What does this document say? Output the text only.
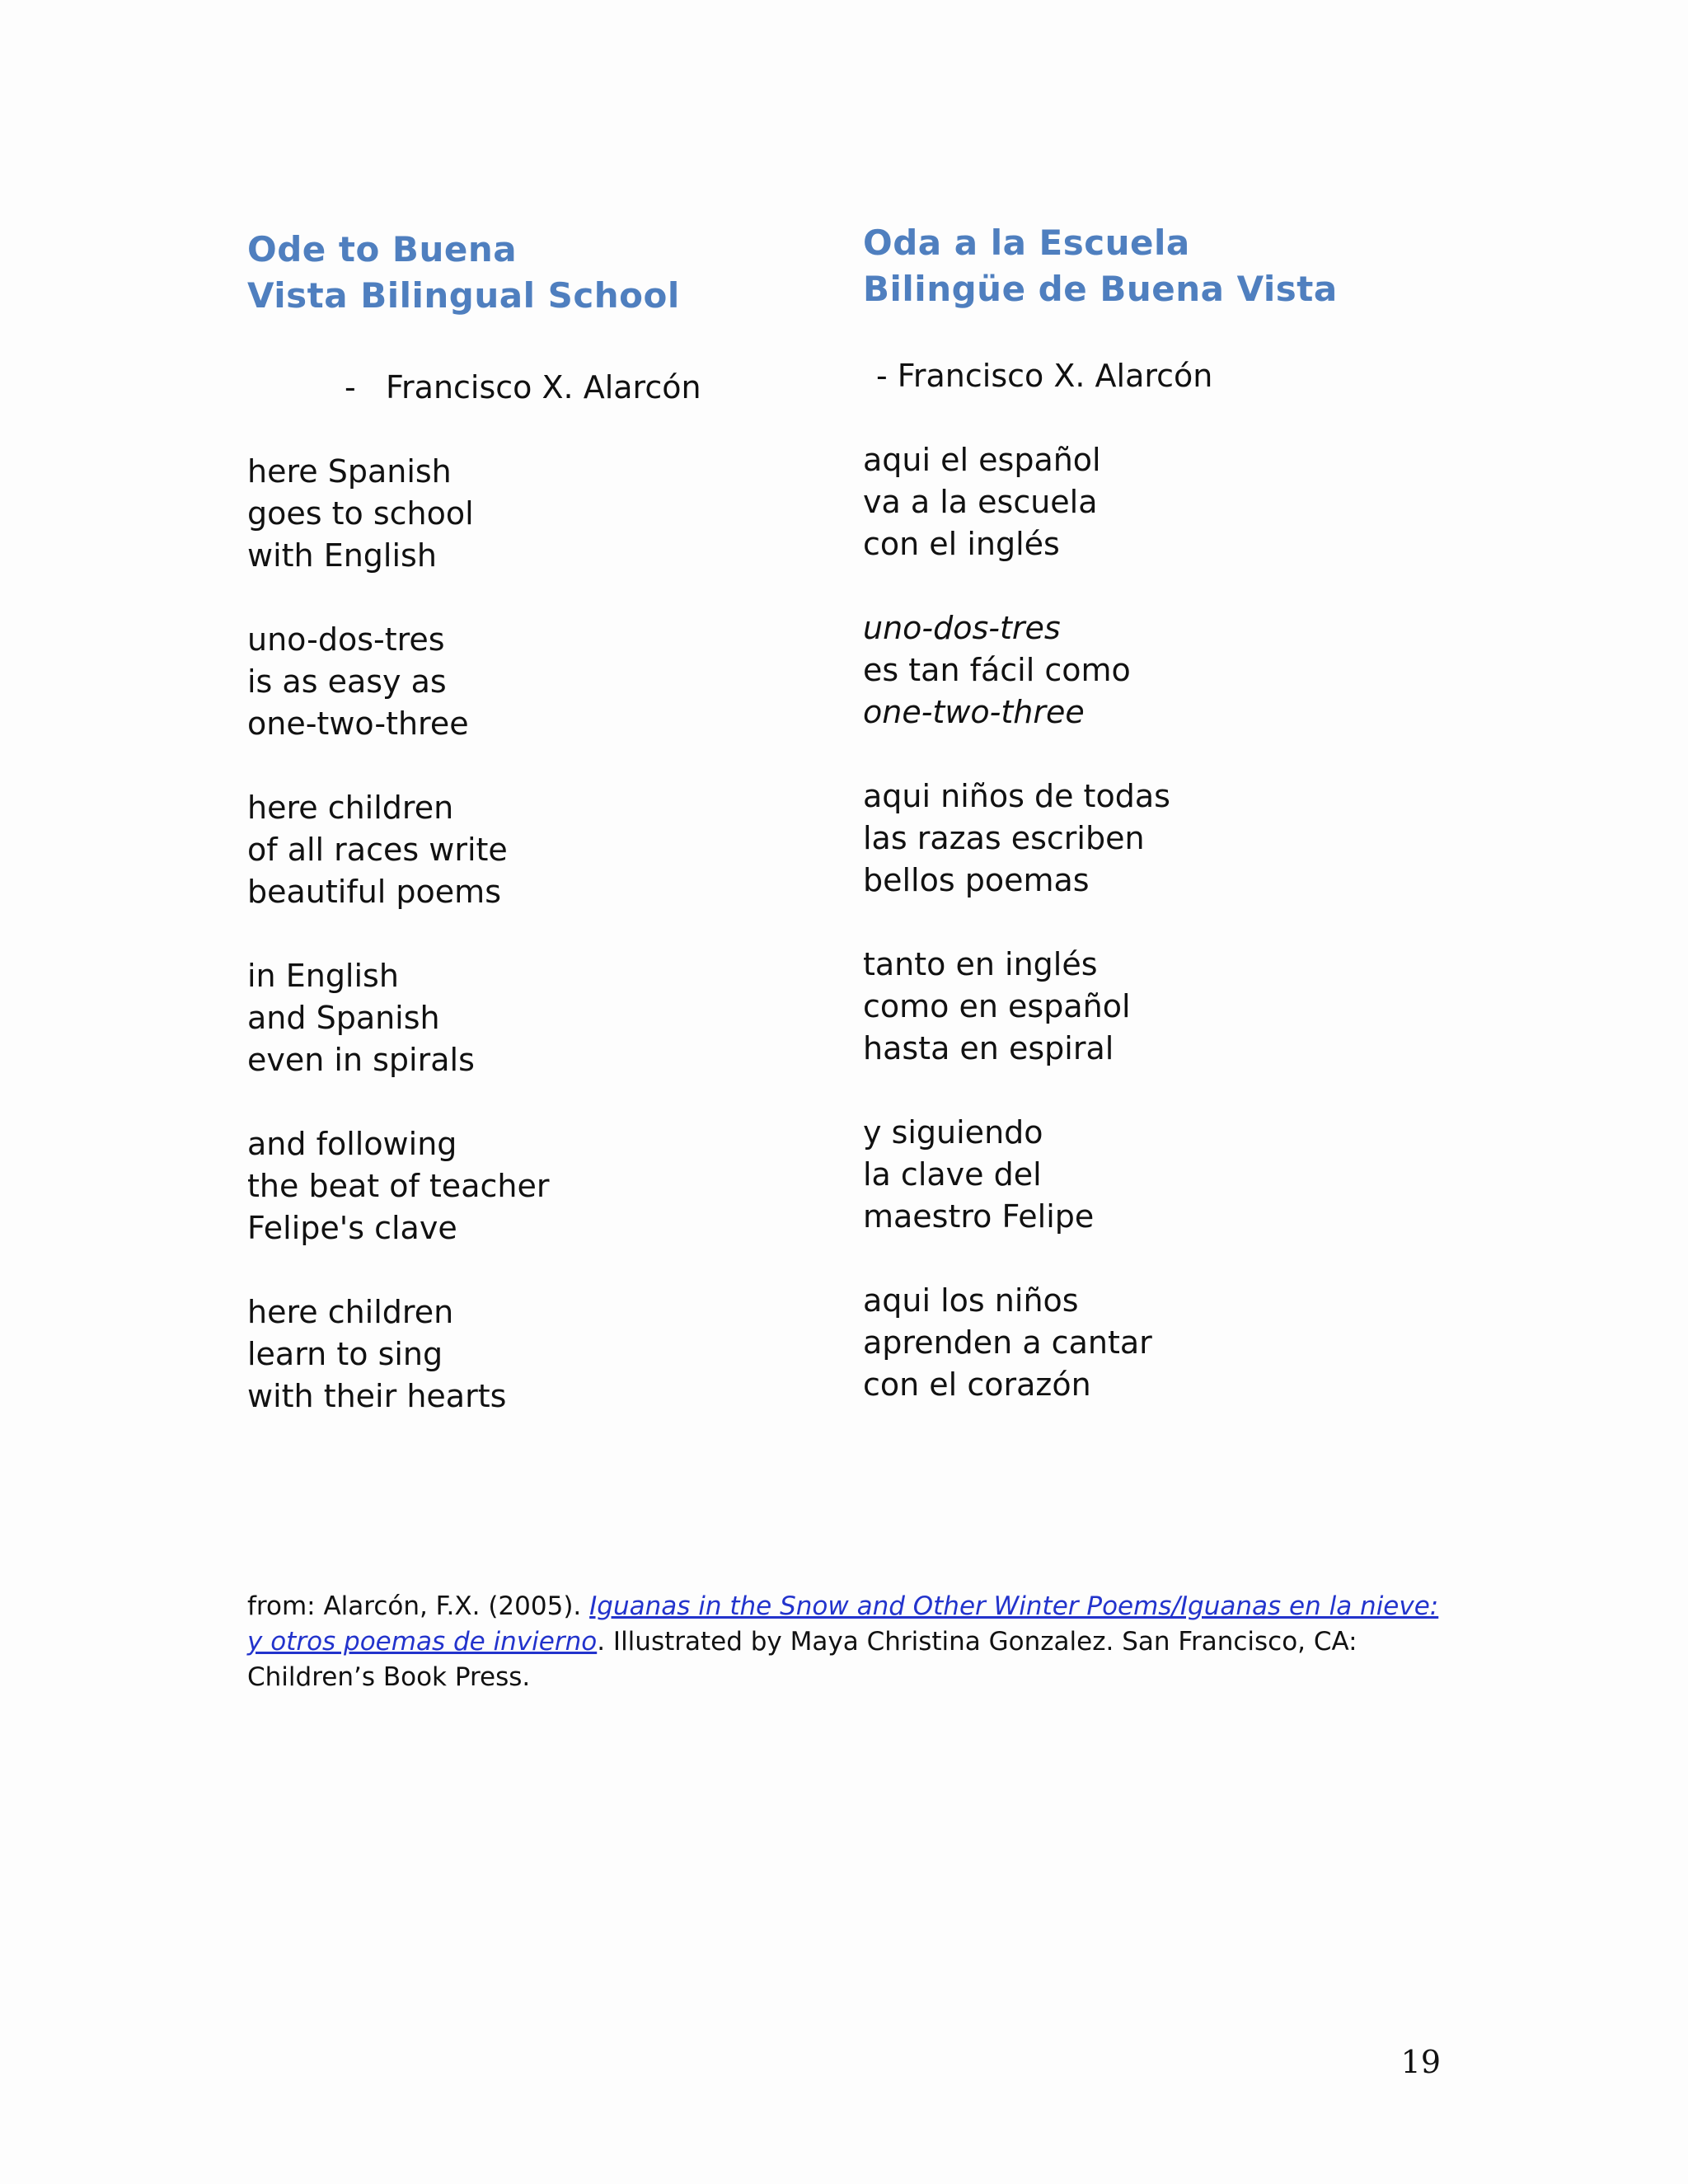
Ode to Buena
Vista Bilingual School

-   Francisco X. Alarcón

here Spanish
goes to school
with English
uno-dos-tres
is as easy as
one-two-three
here children
of all races write
beautiful poems
in English
and Spanish
even in spirals
and following
the beat of teacher
Felipe's clave
here children
learn to sing
with their hearts
Oda a la Escuela
Bilingüe de Buena Vista

- Francisco X. Alarcón

aqui el español
va a la escuela
con el inglés
uno-dos-tres
es tan fácil como
one-two-three
aqui niños de todas
las razas escriben
bellos poemas
tanto en inglés
como en español
hasta en espiral
y siguiendo
la clave del
maestro Felipe
aqui los niños
aprenden a cantar
con el corazón
from: Alarcón, F.X. (2005). Iguanas in the Snow and Other Winter Poems/Iguanas en la nieve: y otros poemas de invierno. Illustrated by Maya Christina Gonzalez. San Francisco, CA: Children’s Book Press.
19
